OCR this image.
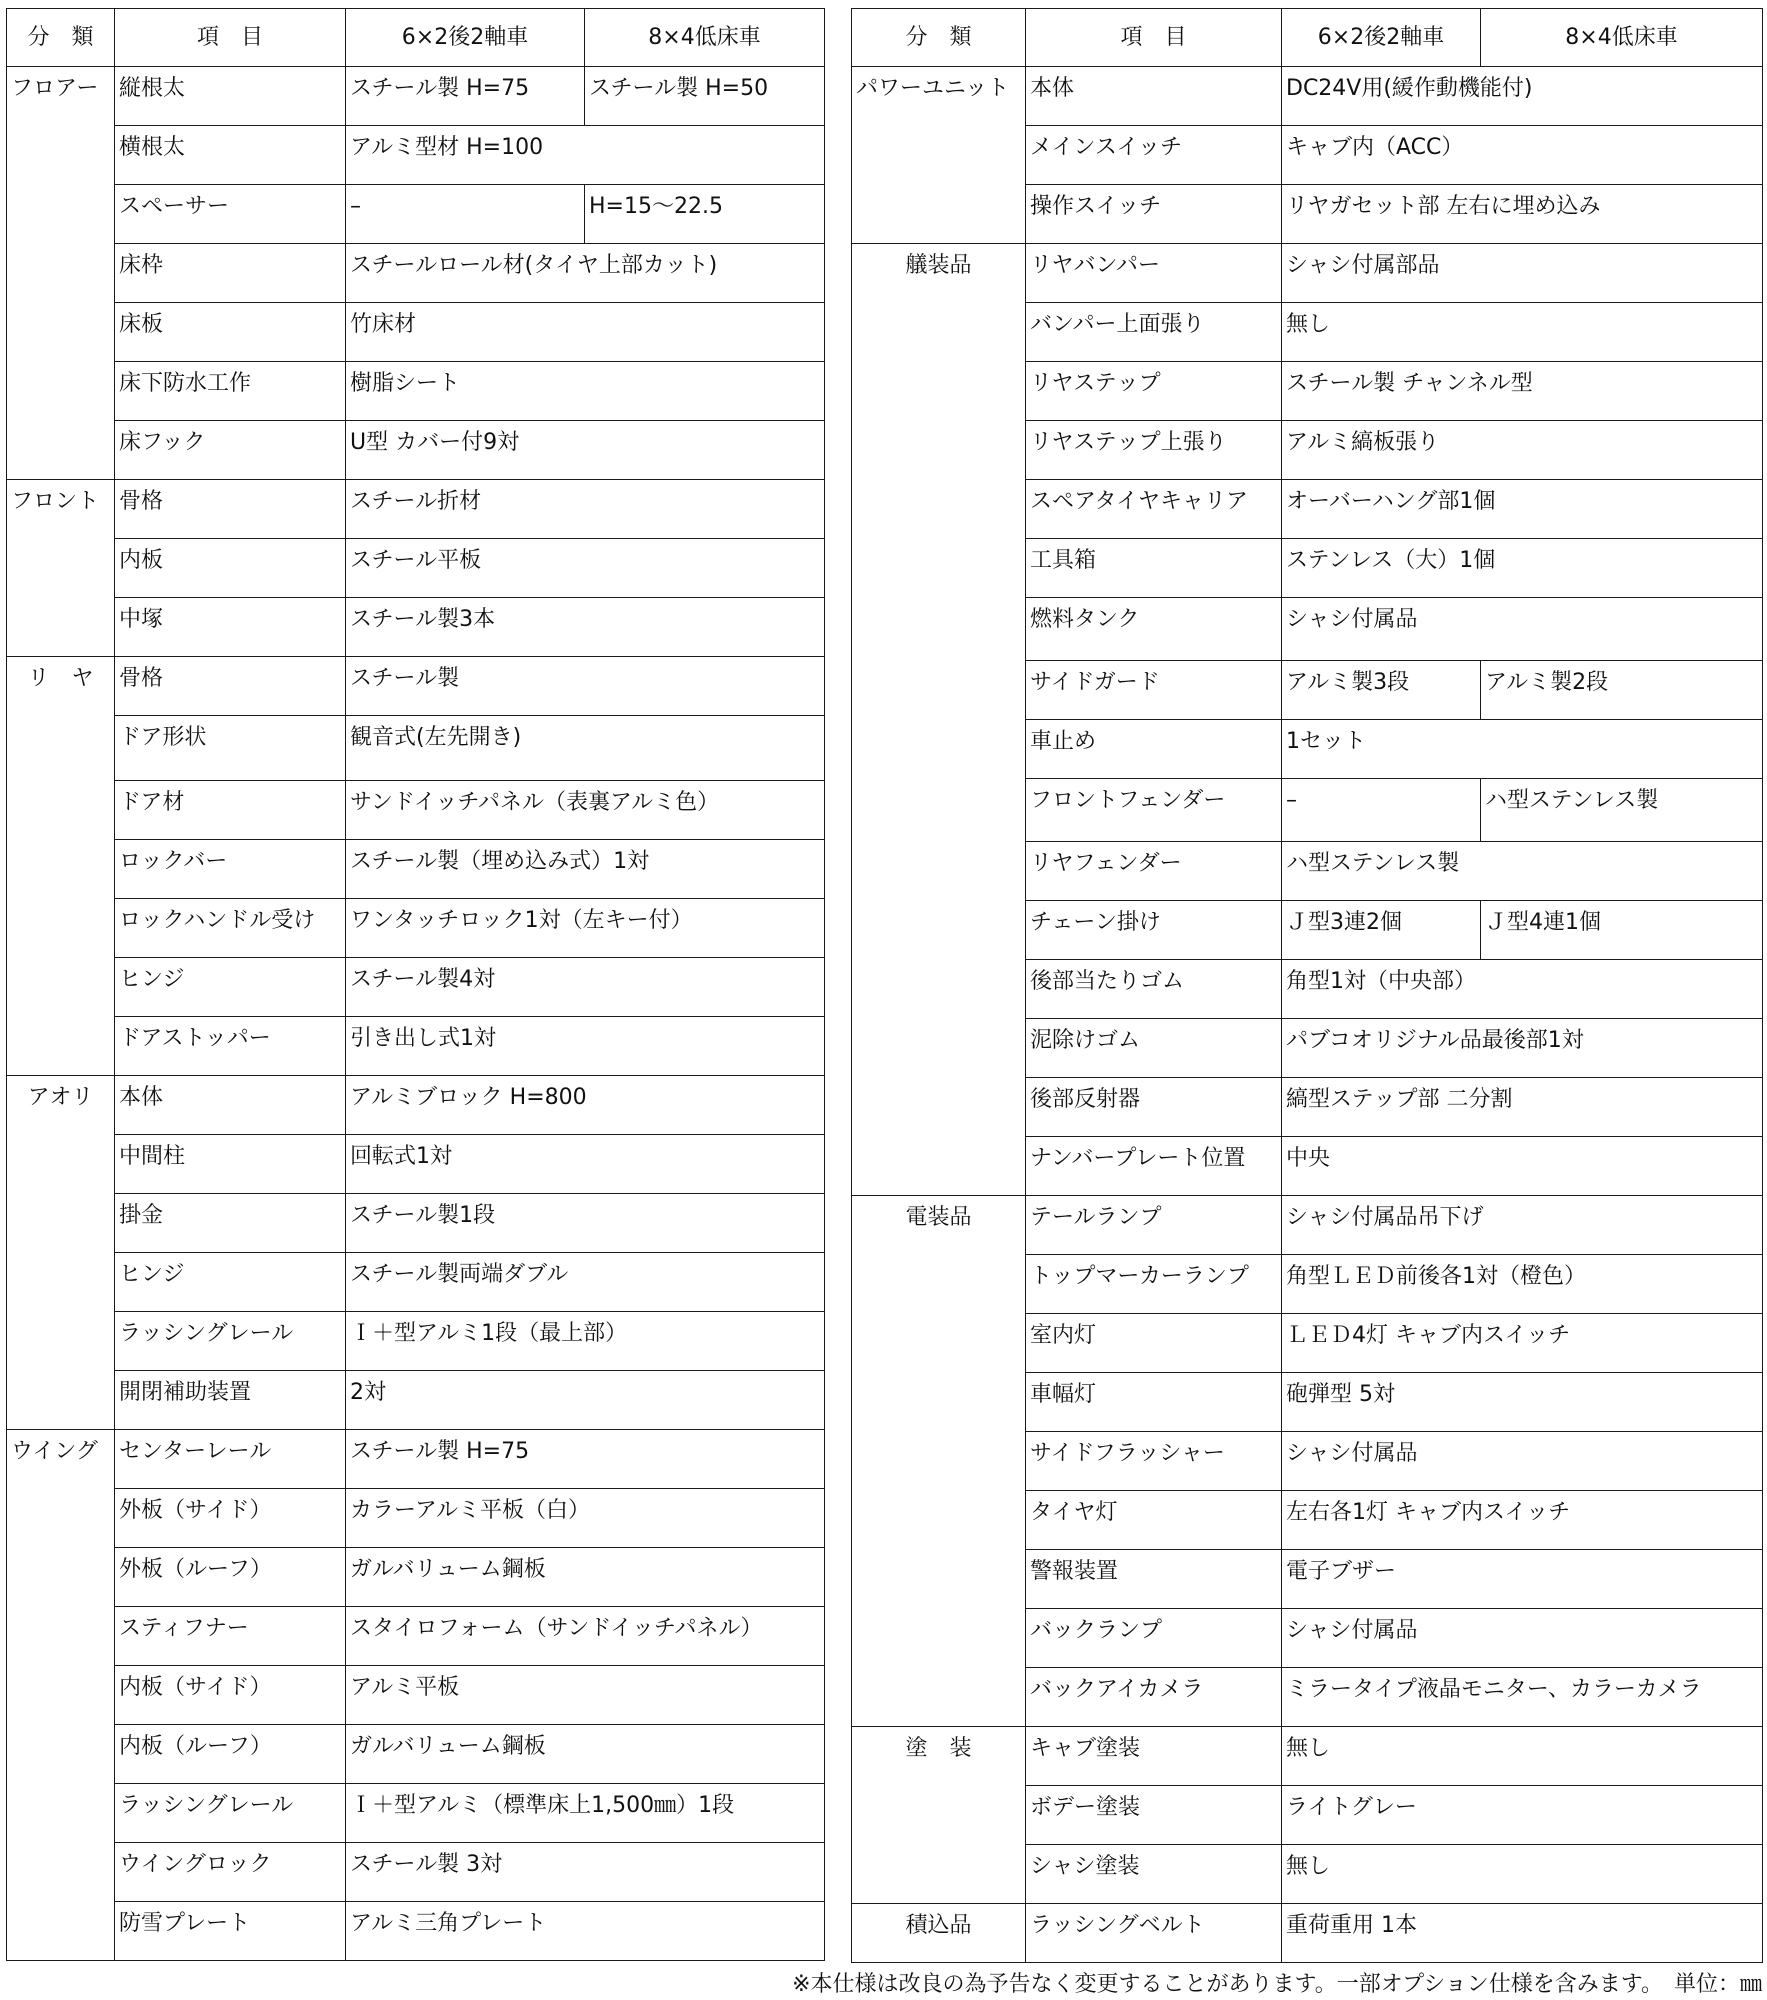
分　類	項　目	6×2後2軸車	8×4低床車
フロアー	縦根太	スチール製 H=75	スチール製 H=50
	横根太	アルミ型材 H=100	
	スペーサー	–	H=15～22.5
	床枠	スチールロール材(タイヤ上部カット)	
	床板	竹床材	
	床下防水工作	樹脂シート	
	床フック	U型 カバー付9対	
フロント	骨格	スチール折材	
	内板	スチール平板	
	中塚	スチール製3本	
リ　ヤ	骨格	スチール製	
	ドア形状	観音式(左先開き)	
	ドア材	サンドイッチパネル（表裏アルミ色）	
	ロックバー	スチール製（埋め込み式）1対	
	ロックハンドル受け	ワンタッチロック1対（左キー付）	
	ヒンジ	スチール製4対	
	ドアストッパー	引き出し式1対	
アオリ	本体	アルミブロック H=800	
	中間柱	回転式1対	
	掛金	スチール製1段	
	ヒンジ	スチール製両端ダブル	
	ラッシングレール	Ｉ＋型アルミ1段（最上部）	
	開閉補助装置	2対	
ウイング	センターレール	スチール製 H=75	
	外板（サイド）	カラーアルミ平板（白）	
	外板（ルーフ）	ガルバリューム鋼板	
	スティフナー	スタイロフォーム（サンドイッチパネル）	
	内板（サイド）	アルミ平板	
	内板（ルーフ）	ガルバリューム鋼板	
	ラッシングレール	Ｉ＋型アルミ（標準床上1,500㎜）1段	
	ウイングロック	スチール製 3対	
	防雪プレート	アルミ三角プレート	
分　類	項　目	6×2後2軸車	8×4低床車
パワーユニット	本体	DC24V用(緩作動機能付)	
	メインスイッチ	キャブ内（ACC）	
	操作スイッチ	リヤガセット部 左右に埋め込み	
艤装品	リヤバンパー	シャシ付属部品	
	バンパー上面張り	無し	
	リヤステップ	スチール製 チャンネル型	
	リヤステップ上張り	アルミ縞板張り	
	スペアタイヤキャリア	オーバーハング部1個	
	工具箱	ステンレス（大）1個	
	燃料タンク	シャシ付属品	
	サイドガード	アルミ製3段	アルミ製2段
	車止め	1セット	
	フロントフェンダー	–	ハ型ステンレス製
	リヤフェンダー	ハ型ステンレス製	
	チェーン掛け	Ｊ型3連2個	Ｊ型4連1個
	後部当たりゴム	角型1対（中央部）	
	泥除けゴム	パブコオリジナル品最後部1対	
	後部反射器	縞型ステップ部 二分割	
	ナンバープレート位置	中央	
電装品	テールランプ	シャシ付属品吊下げ	
	トップマーカーランプ	角型ＬＥＤ前後各1対（橙色）	
	室内灯	ＬＥＤ4灯 キャブ内スイッチ	
	車幅灯	砲弾型 5対	
	サイドフラッシャー	シャシ付属品	
	タイヤ灯	左右各1灯 キャブ内スイッチ	
	警報装置	電子ブザー	
	バックランプ	シャシ付属品	
	バックアイカメラ	ミラータイプ液晶モニター、カラーカメラ	
塗　装	キャブ塗装	無し	
	ボデー塗装	ライトグレー	
	シャシ塗装	無し	
積込品	ラッシングベルト	重荷重用 1本	
※本仕様は改良の為予告なく変更することがあります。一部オプション仕様を含みます。　単位：㎜
